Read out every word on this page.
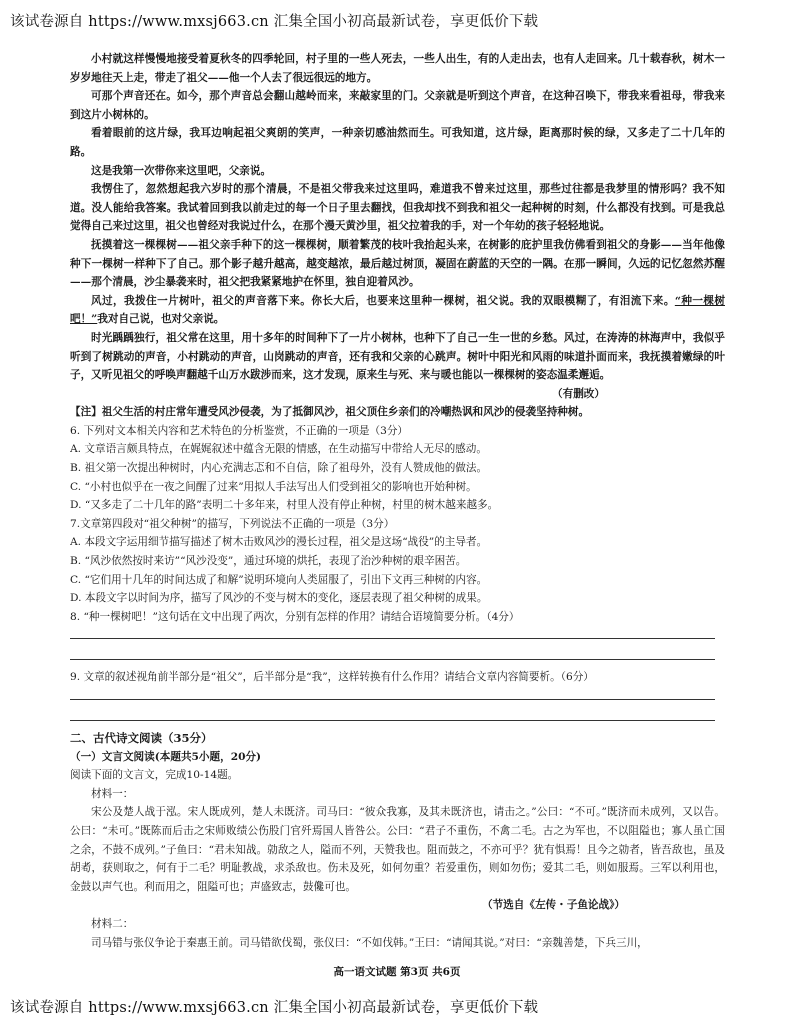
该试卷源自 https://www.mxsj663.cn 汇集全国小初高最新试卷，享更低价下载

小村就这样慢慢地接受着夏秋冬的四季轮回，村子里的一些人死去，一些人出生，有的人走出去，也有人走回来。几十载春秋，树木一岁岁地往天上走，带走了祖父——他一个人去了很远很远的地方。

可那个声音还在。如今，那个声音总会翻山越岭而来，来敲家里的门。父亲就是听到这个声音，在这种召唤下，带我来看祖母，带我来到这片小树林的。

看着眼前的这片绿，我耳边响起祖父爽朗的笑声，一种亲切感油然而生。可我知道，这片绿，距离那时候的绿，又多走了二十几年的路。

这是我第一次带你来这里吧，父亲说。

我愣住了，忽然想起我六岁时的那个清晨，不是祖父带我来过这里吗，难道我不曾来过这里，那些过往都是我梦里的情形吗？我不知道。没人能给我答案。我试着回到我以前走过的每一个日子里去翻找，但我却找不到我和祖父一起种树的时刻，什么都没有找到。可是我总觉得自己来过这里，祖父也曾经对我说过什么，在那个漫天黄沙里，祖父拉着我的手，对一个年幼的孩子轻轻地说。

抚摸着这一棵棵树——祖父亲手种下的这一棵棵树，顺着繁茂的枝叶我抬起头来，在树影的庇护里我仿佛看到祖父的身影——当年他像种下一棵树一样种下了自己。那个影子越升越高，越变越浓，最后越过树顶，凝固在蔚蓝的天空的一隅。在那一瞬间，久远的记忆忽然苏醒——那个清晨，沙尘暴袭来时，祖父把我紧紧地护在怀里，独自迎着风沙。

风过，我拨住一片树叶，祖父的声音落下来。你长大后，也要来这里种一棵树，祖父说。我的双眼模糊了，有泪流下来。“种一棵树吧！”我对自己说，也对父亲说。

时光踽踽独行，祖父常在这里，用十多年的时间种下了一片小树林，也种下了自己一生一世的乡愁。风过，在涛涛的林海声中，我似乎听到了树跳动的声音，小村跳动的声音，山岗跳动的声音，还有我和父亲的心跳声。树叶中阳光和风雨的味道扑面而来，我抚摸着嫩绿的叶子，又听见祖父的呼唤声翻越千山万水跋涉而来，这才发现，原来生与死、来与暖也能以一棵棵树的姿态温柔邂逅。

（有删改）

【注】祖父生活的村庄常年遭受风沙侵袭，为了抵御风沙，祖父顶住乡亲们的冷嘲热讽和风沙的侵袭坚持种树。

6. 下列对文本相关内容和艺术特色的分析鉴赏，不正确的一项是（3分）

A. 文章语言颇具特点，在娓娓叙述中蕴含无限的情感，在生动描写中带给人无尽的感动。

B. 祖父第一次提出种树时，内心充满志忑和不自信，除了祖母外，没有人赞成他的做法。

C. “小村也似乎在一夜之间醒了过来”用拟人手法写出人们受到祖父的影响也开始种树。

D. “又多走了二十几年的路”表明二十多年来，村里人没有停止种树，村里的树木越来越多。

7.文章第四段对“祖父种树”的描写，下列说法不正确的一项是（3分）

A. 本段文字运用细节描写描述了树木击败风沙的漫长过程，祖父是这场“战役”的主导者。

B. “风沙依然按时来访”“风沙没变”，通过环境的烘托，表现了治沙种树的艰辛困苦。

C. “它们用十几年的时间达成了和解”说明环境向人类屈服了，引出下文再三种树的内容。

D. 本段文字以时间为序，描写了风沙的不变与树木的变化，逐层表现了祖父种树的成果。

8. “种一棵树吧！”这句话在文中出现了两次，分别有怎样的作用？请结合语境简要分析。（4分）

9. 文章的叙述视角前半部分是“祖父”，后半部分是“我”，这样转换有什么作用？请结合文章内容简要析。（6分）

二、古代诗文阅读（35分）

（一）文言文阅读(本题共5小题，20分)

阅读下面的文言文，完成10-14题。

材料一：

宋公及楚人战于泓。宋人既成列，楚人未既济。司马曰：“彼众我寡，及其未既济也，请击之。”公曰：“不可。”既济而未成列，又以告。公曰：“未可。”既陈而后击之宋师败绩公伤股门官歼焉国人皆咎公。公曰：“君子不重伤，不禽二毛。古之为军也，不以阻隘也；寡人虽亡国之余，不鼓不成列。”子鱼曰：“君未知战。勍敌之人，隘而不列，天赞我也。阻而鼓之，不亦可乎？犹有惧焉！且今之勍者，皆吾敌也，虽及胡耇，获则取之，何有于二毛？明耻教战，求杀敌也。伤未及死，如何勿重？若爱重伤，则如勿伤；爱其二毛，则如服焉。三军以利用也，金鼓以声气也。利而用之，阻隘可也；声盛致志，鼓儳可也。

（节选自《左传・子鱼论战》）

材料二：

司马错与张仪争论于秦惠王前。司马错欲伐蜀，张仪曰：“不如伐韩。”王曰：“请闻其说。”对曰：“亲魏善楚，下兵三川，

高一语文试题 第3页 共6页
该试卷源自 https://www.mxsj663.cn 汇集全国小初高最新试卷，享更低价下载
